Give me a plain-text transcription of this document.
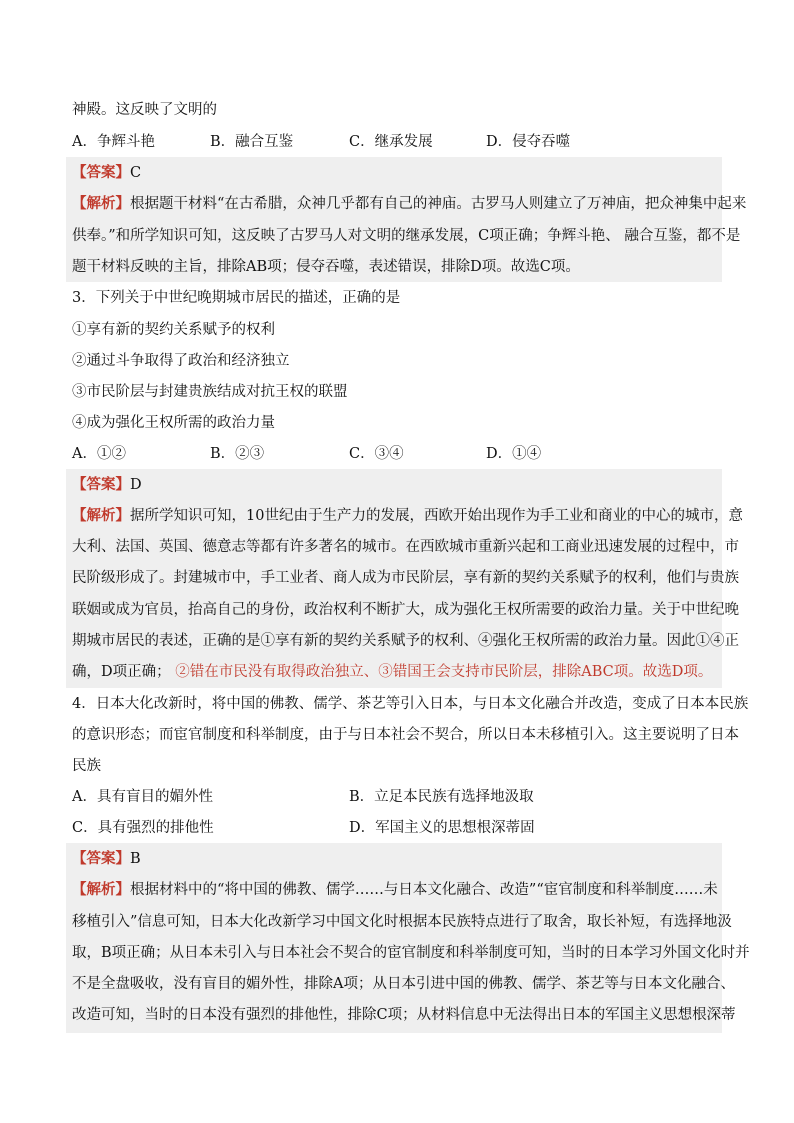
神殿。这反映了文明的
A．争辉斗艳	B．融合互鉴	C．继承发展	D．侵夺吞噬
【答案】C
【解析】根据题干材料“在古希腊，众神几乎都有自己的神庙。古罗马人则建立了万神庙，把众神集中起来
供奉。”和所学知识可知，这反映了古罗马人对文明的继承发展，C项正确；争辉斗艳、 融合互鉴，都不是
题干材料反映的主旨，排除AB项；侵夺吞噬，表述错误，排除D项。故选C项。
3．下列关于中世纪晚期城市居民的描述，正确的是
①享有新的契约关系赋予的权利
②通过斗争取得了政治和经济独立
③市民阶层与封建贵族结成对抗王权的联盟
④成为强化王权所需的政治力量
A．①②	B．②③	C．③④	D．①④
【答案】D
【解析】据所学知识可知，10世纪由于生产力的发展，西欧开始出现作为手工业和商业的中心的城市，意
大利、法国、英国、德意志等都有许多著名的城市。在西欧城市重新兴起和工商业迅速发展的过程中，市
民阶级形成了。封建城市中，手工业者、商人成为市民阶层，享有新的契约关系赋予的权利，他们与贵族
联姻或成为官员，抬高自己的身份，政治权利不断扩大，成为强化王权所需要的政治力量。关于中世纪晚
期城市居民的表述，正确的是①享有新的契约关系赋予的权利、④强化王权所需的政治力量。因此①④正
确，D项正确； ②错在市民没有取得政治独立、③错国王会支持市民阶层，排除ABC项。故选D项。
4．日本大化改新时，将中国的佛教、儒学、茶艺等引入日本，与日本文化融合并改造，变成了日本本民族
的意识形态；而宦官制度和科举制度，由于与日本社会不契合，所以日本未移植引入。这主要说明了日本
民族
A．具有盲目的媚外性	B．立足本民族有选择地汲取
C．具有强烈的排他性	D．军国主义的思想根深蒂固
【答案】B
【解析】根据材料中的“将中国的佛教、儒学……与日本文化融合、改造”“宦官制度和科举制度……未
移植引入”信息可知，日本大化改新学习中国文化时根据本民族特点进行了取舍，取长补短，有选择地汲
取，B项正确；从日本未引入与日本社会不契合的宦官制度和科举制度可知，当时的日本学习外国文化时并
不是全盘吸收，没有盲目的媚外性，排除A项；从日本引进中国的佛教、儒学、茶艺等与日本文化融合、
改造可知，当时的日本没有强烈的排他性，排除C项；从材料信息中无法得出日本的军国主义思想根深蒂
